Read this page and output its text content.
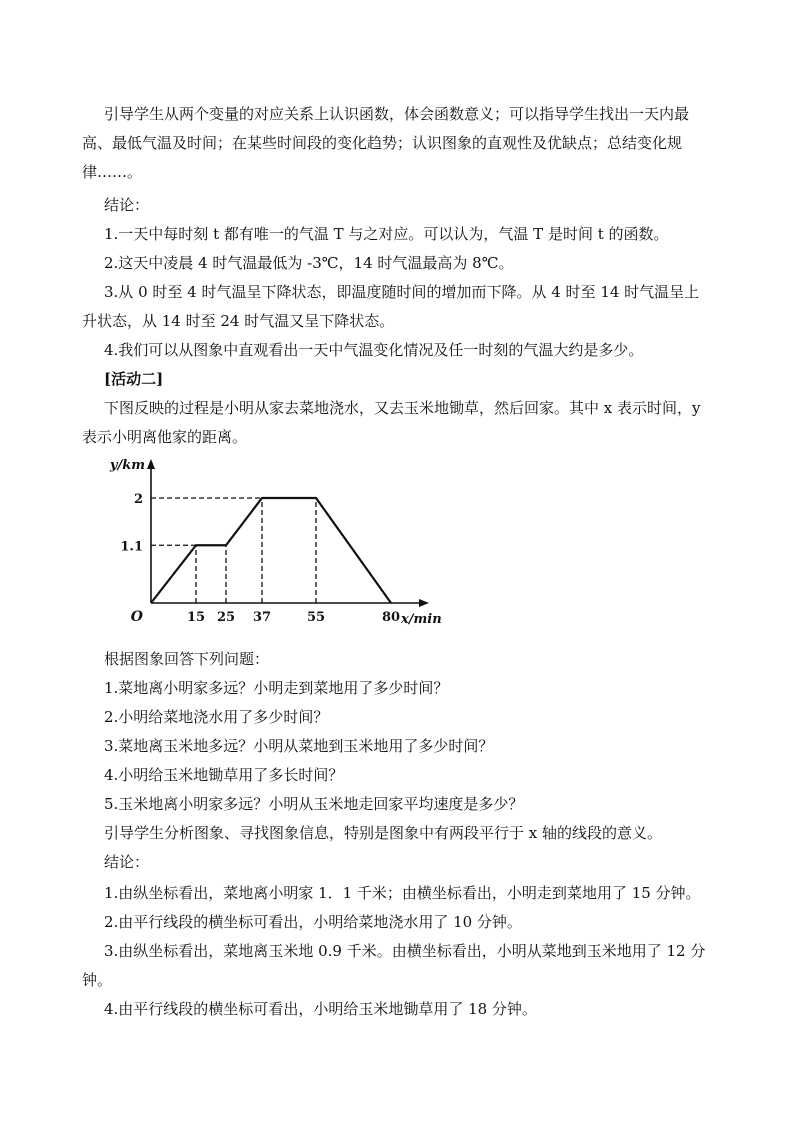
引导学生从两个变量的对应关系上认识函数，体会函数意义；可以指导学生找出一天内最

高、最低气温及时间；在某些时间段的变化趋势；认识图象的直观性及优缺点；总结变化规

律……。

结论：

1.一天中每时刻 t 都有唯一的气温 T 与之对应。可以认为，气温 T 是时间 t 的函数。

2.这天中凌晨 4 时气温最低为 -3℃，14 时气温最高为 8℃。

3.从 0 时至 4 时气温呈下降状态，即温度随时间的增加而下降。从 4 时至 14 时气温呈上

升状态，从 14 时至 24 时气温又呈下降状态。

4.我们可以从图象中直观看出一天中气温变化情况及任一时刻的气温大约是多少。

[活动二]

下图反映的过程是小明从家去菜地浇水，又去玉米地锄草，然后回家。其中 x 表示时间，y

表示小明离他家的距离。

15 25 37	55	80
1.1
2
O	x/min
y/km

根据图象回答下列问题：

1.菜地离小明家多远？小明走到菜地用了多少时间？

2.小明给菜地浇水用了多少时间？

3.菜地离玉米地多远？小明从菜地到玉米地用了多少时间？

4.小明给玉米地锄草用了多长时间？

5.玉米地离小明家多远？小明从玉米地走回家平均速度是多少？

引导学生分析图象、寻找图象信息，特别是图象中有两段平行于 x 轴的线段的意义。

结论：

1.由纵坐标看出，菜地离小明家 1．1 千米；由横坐标看出，小明走到菜地用了 15 分钟。

2.由平行线段的横坐标可看出，小明给菜地浇水用了 10 分钟。

3.由纵坐标看出，菜地离玉米地 0.9 千米。由横坐标看出，小明从菜地到玉米地用了 12 分

钟。

4.由平行线段的横坐标可看出，小明给玉米地锄草用了 18 分钟。
